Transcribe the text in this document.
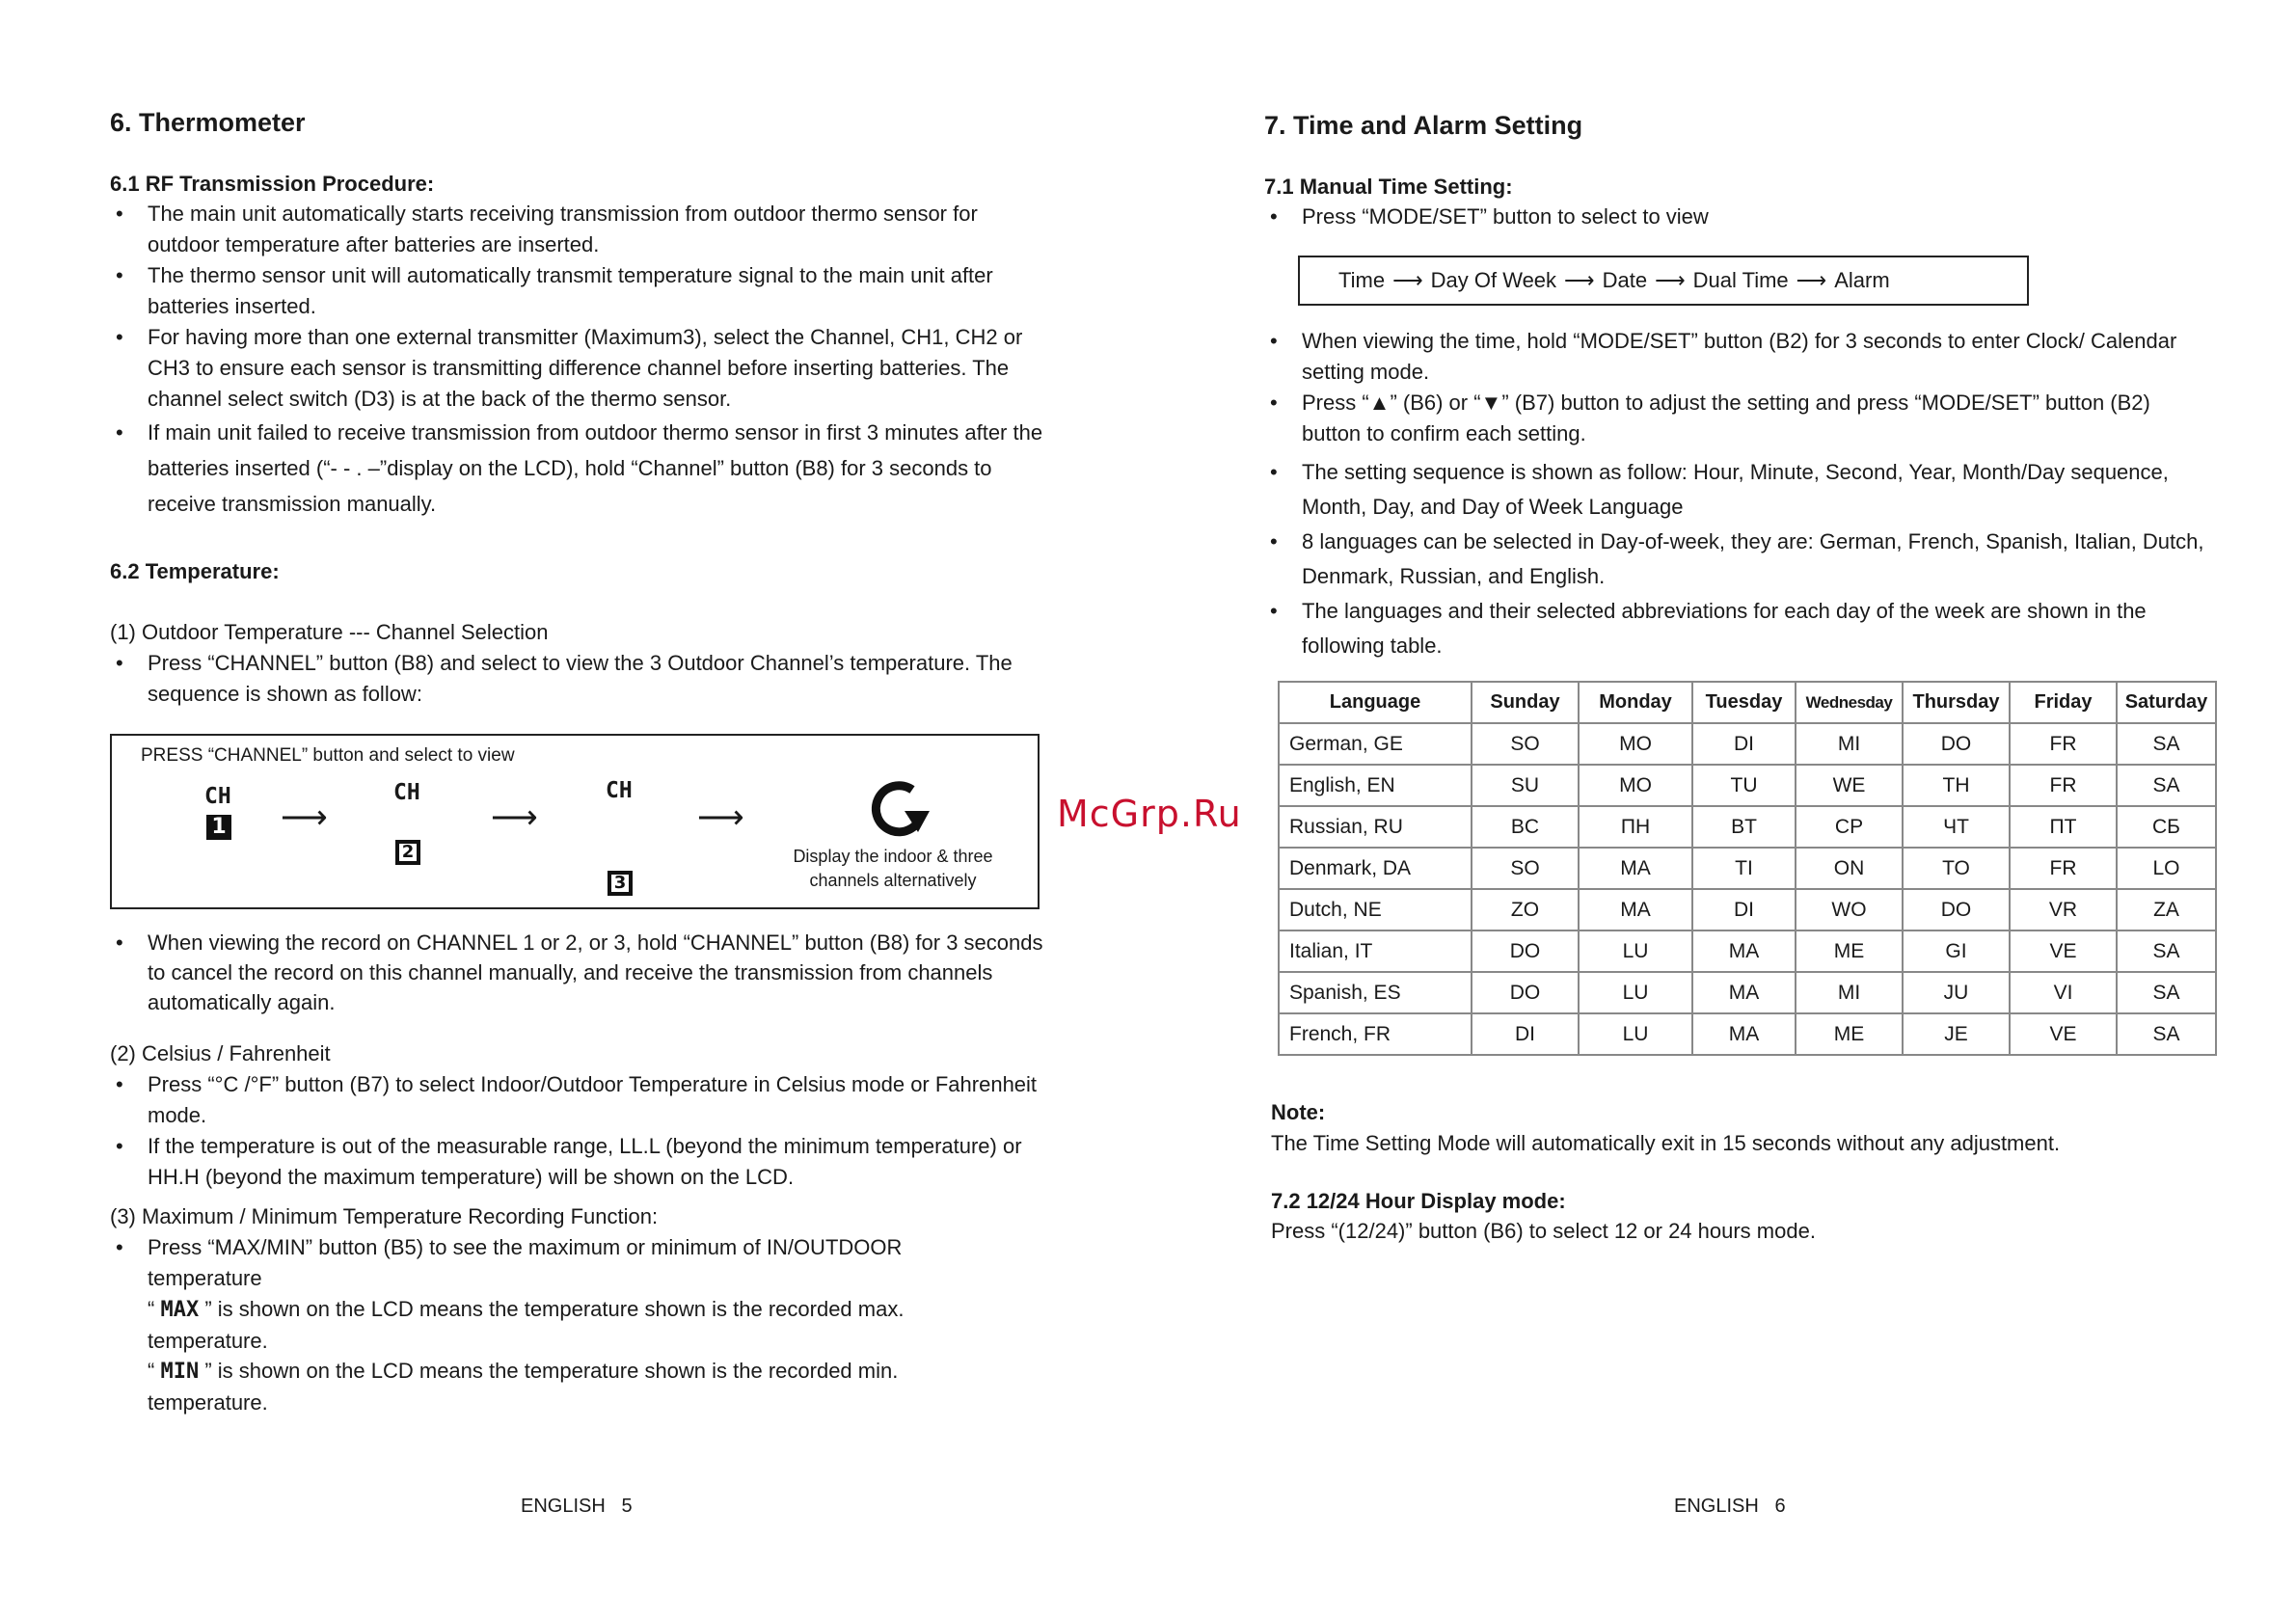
6. Thermometer
6.1 RF Transmission Procedure:
• The main unit automatically starts receiving transmission from outdoor thermo sensor for outdoor temperature after batteries are inserted.
• The thermo sensor unit will automatically transmit temperature signal to the main unit after batteries inserted.
• For having more than one external transmitter (Maximum3), select the Channel, CH1, CH2 or CH3 to ensure each sensor is transmitting difference channel before inserting batteries. The channel select switch (D3) is at the back of the thermo sensor.
• If main unit failed to receive transmission from outdoor thermo sensor in first 3 minutes after the batteries inserted (“- - . –”display on the LCD), hold “Channel” button (B8) for 3 seconds to receive transmission manually.
6.2 Temperature:
(1) Outdoor Temperature --- Channel Selection
• Press “CHANNEL” button (B8) and select to view the 3 Outdoor Channel’s temperature. The sequence is shown as follow:
PRESS “CHANNEL” button and select to view
CH
1 ⟶
CH
2
⟶
CH
3
⟶
Display the indoor & three
channels alternatively
• When viewing the record on CHANNEL 1 or 2, or 3, hold “CHANNEL” button (B8) for 3 seconds to cancel the record on this channel manually, and receive the transmission from channels automatically again.
(2) Celsius / Fahrenheit
• Press “°C /°F” button (B7) to select Indoor/Outdoor Temperature in Celsius mode or Fahrenheit mode.
• If the temperature is out of the measurable range, LL.L (beyond the minimum temperature) or HH.H (beyond the maximum temperature) will be shown on the LCD.
(3) Maximum / Minimum Temperature Recording Function:
• Press “MAX/MIN” button (B5) to see the maximum or minimum of IN/OUTDOOR temperature
“ MAX ” is shown on the LCD means the temperature shown is the recorded max. temperature.
“ MIN ” is shown on the LCD means the temperature shown is the recorded min. temperature.
ENGLISH   5
McGrp.Ru
7. Time and Alarm Setting
7.1 Manual Time Setting:
• Press “MODE/SET” button to select to view
Time ⟶ Day Of Week ⟶ Date ⟶ Dual Time ⟶ Alarm
• When viewing the time, hold “MODE/SET” button (B2) for 3 seconds to enter Clock/ Calendar setting mode.
• Press “▲” (B6) or “▼” (B7) button to adjust the setting and press “MODE/SET” button (B2) button to confirm each setting.
• The setting sequence is shown as follow: Hour, Minute, Second, Year, Month/Day sequence, Month, Day, and Day of Week Language
• 8 languages can be selected in Day-of-week, they are: German, French, Spanish, Italian, Dutch, Denmark, Russian, and English.
• The languages and their selected abbreviations for each day of the week are shown in the following table.
Language	Sunday	Monday	Tuesday	Wednesday	Thursday	Friday	Saturday
German, GE	SO	MO	DI	MI	DO	FR	SA
English, EN	SU	MO	TU	WE	TH	FR	SA
Russian, RU	BC	ПН	BT	CP	ЧТ	ПТ	СБ
Denmark, DA	SO	MA	TI	ON	TO	FR	LO
Dutch, NE	ZO	MA	DI	WO	DO	VR	ZA
Italian, IT	DO	LU	MA	ME	GI	VE	SA
Spanish, ES	DO	LU	MA	MI	JU	VI	SA
French, FR	DI	LU	MA	ME	JE	VE	SA
Note:
The Time Setting Mode will automatically exit in 15 seconds without any adjustment.
7.2 12/24 Hour Display mode:
Press “(12/24)” button (B6) to select 12 or 24 hours mode.
ENGLISH   6
